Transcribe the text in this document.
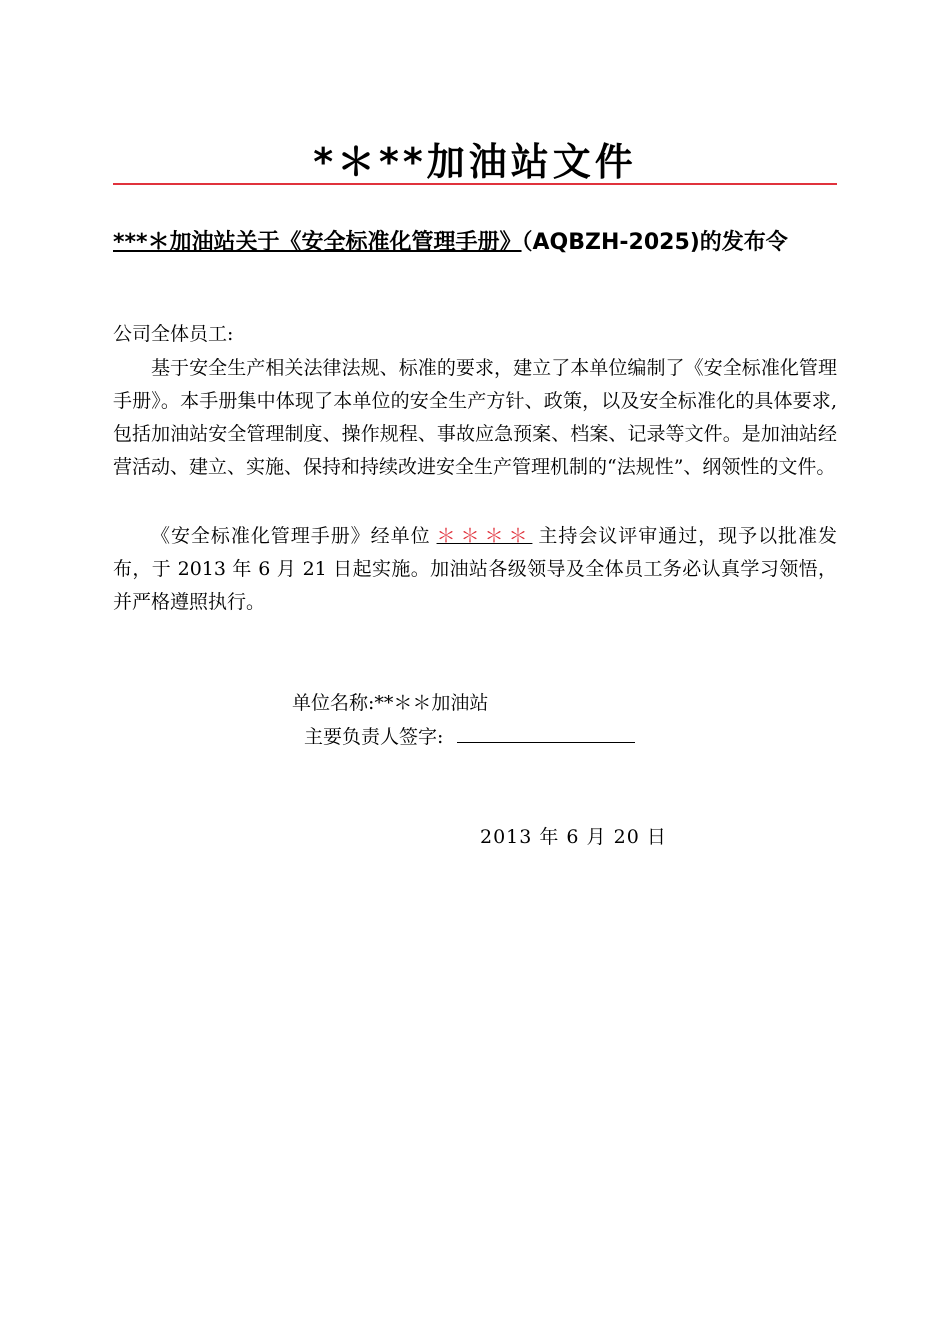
*＊**加油站文件
***＊加油站关于《安全标准化管理手册》（AQBZH-2025)的发布令

公司全体员工:

基于安全生产相关法律法规、标准的要求，建立了本单位编制了《安全标准化管理手册》。本手册集中体现了本单位的安全生产方针、政策，以及安全标准化的具体要求,包括加油站安全管理制度、操作规程、事故应急预案、档案、记录等文件。是加油站经营活动、建立、实施、保持和持续改进安全生产管理机制的“法规性”、纲领性的文件。

《安全标准化管理手册》经单位 ＊＊＊＊ 主持会议评审通过，现予以批准发布，于 2013 年 6 月 21 日起实施。加油站各级领导及全体员工务必认真学习领悟，并严格遵照执行。

单位名称:**＊＊加油站

主要负责人签字:

2013 年 6 月 20 日
